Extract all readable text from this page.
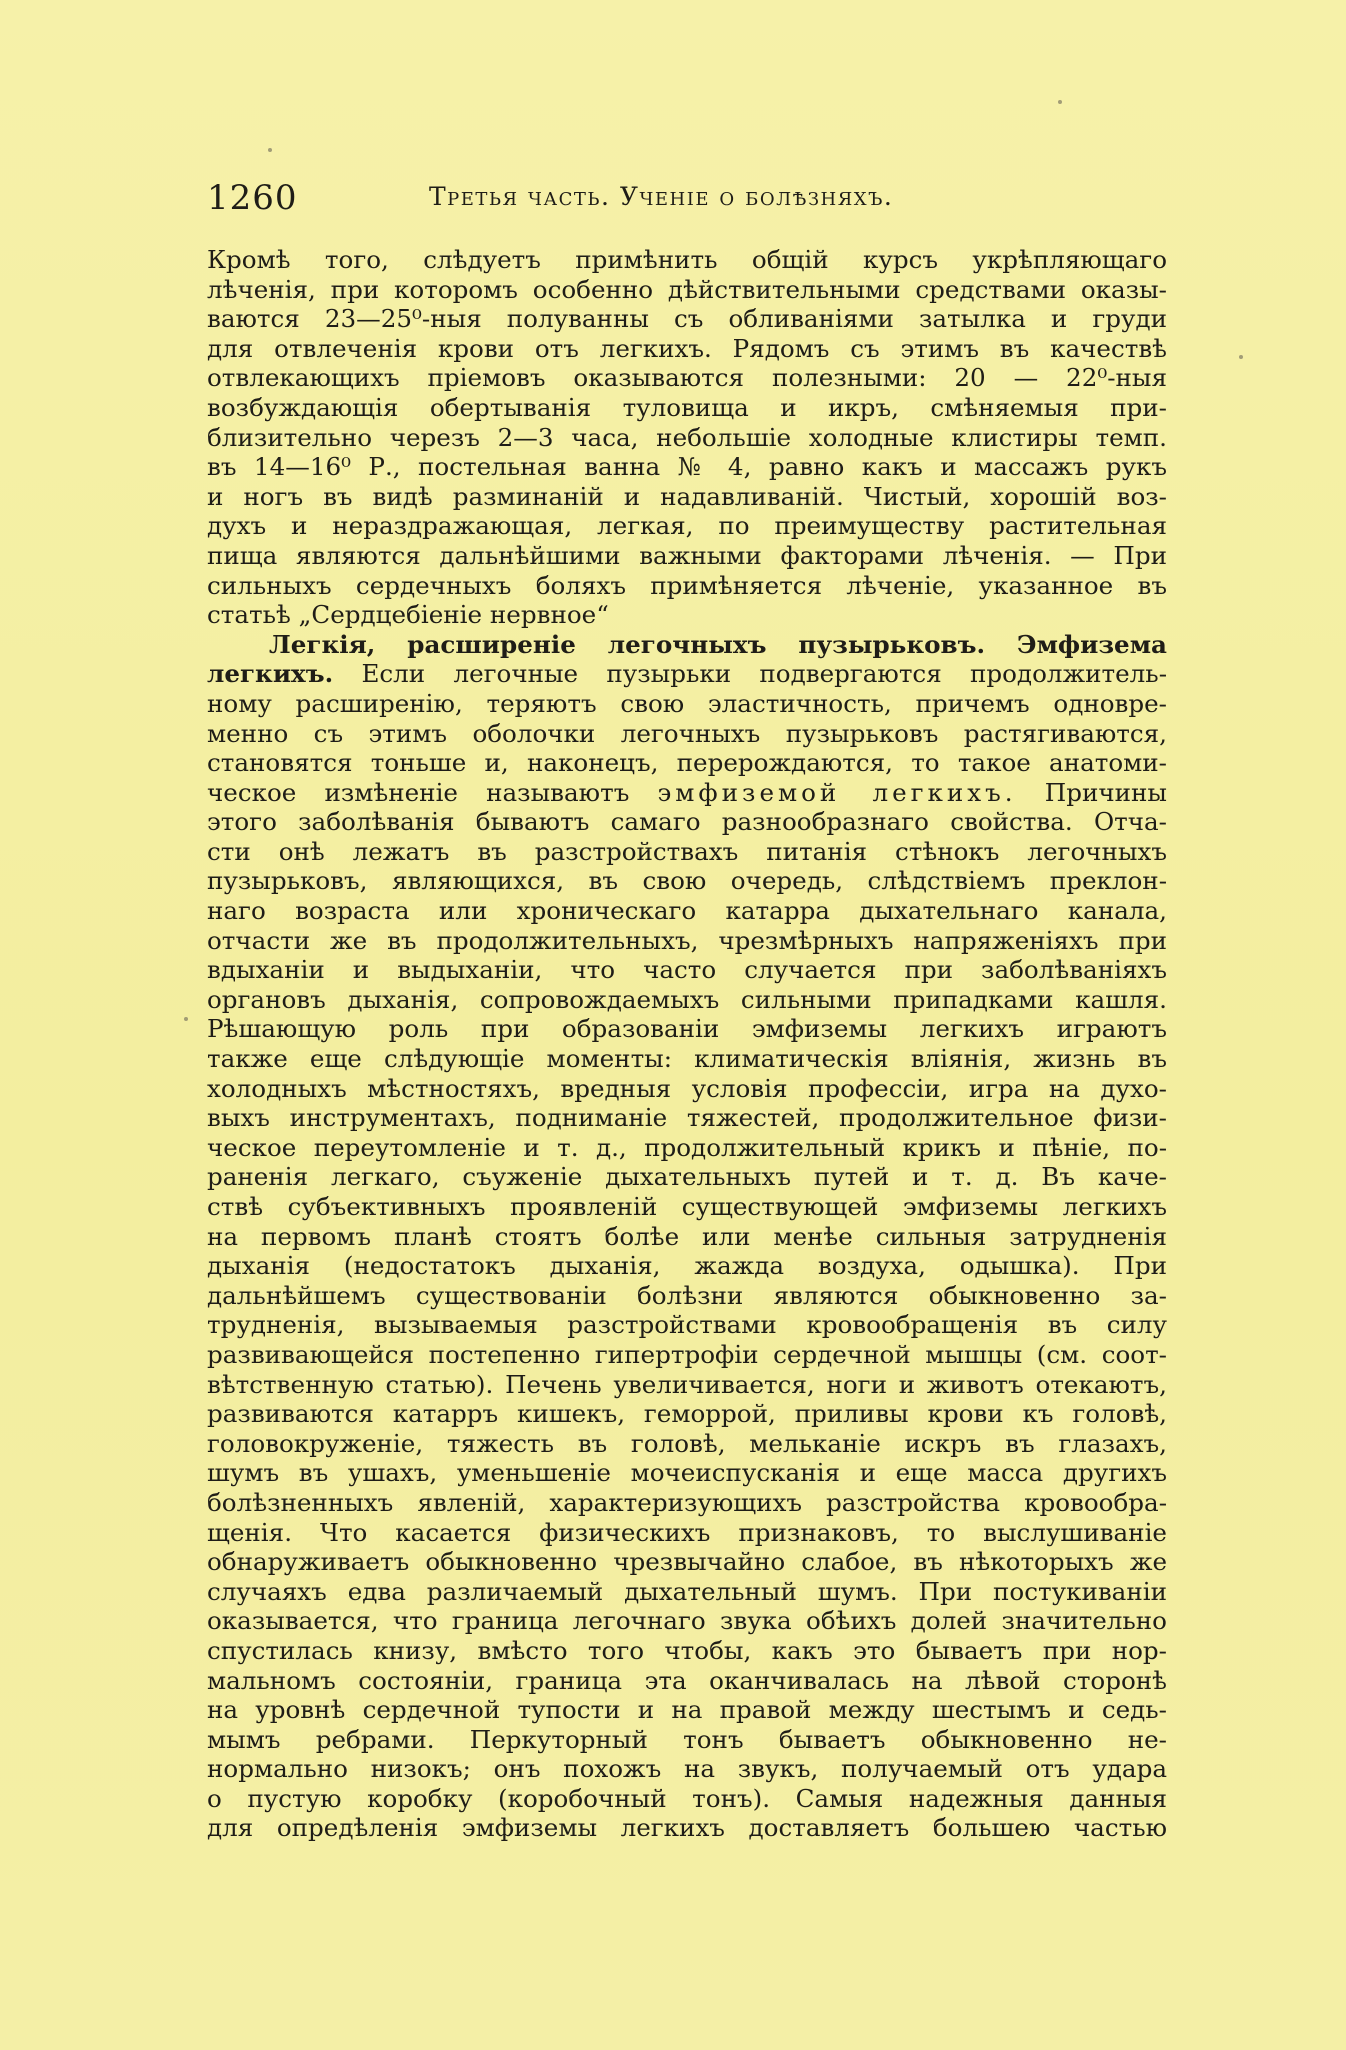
1260	Третья часть. Ученіе о болѣзняхъ.
Кромѣ того, слѣдуетъ примѣнить общій курсъ укрѣпляющаго
лѣченія, при которомъ особенно дѣйствительными средствами оказы-
ваются 23—25⁰-ныя полуванны съ обливаніями затылка и груди
для отвлеченія крови отъ легкихъ. Рядомъ съ этимъ въ качествѣ
отвлекающихъ пріемовъ оказываются полезными: 20 — 22⁰-ныя
возбуждающія обертыванія туловища и икръ, смѣняемыя при-
близительно черезъ 2—3 часа, небольшіе холодные клистиры темп.
въ 14—16⁰ Р., постельная ванна № 4, равно какъ и массажъ рукъ
и ногъ въ видѣ разминаній и надавливаній. Чистый, хорошій воз-
духъ и нераздражающая, легкая, по преимуществу растительная
пища являются дальнѣйшими важными факторами лѣченія. — При
сильныхъ сердечныхъ боляхъ примѣняется лѣченіе, указанное въ
статьѣ „Сердцебіеніе нервное“
Легкія, расширеніе легочныхъ пузырьковъ. Эмфизема
легкихъ. Если легочные пузырьки подвергаются продолжитель-
ному расширенію, теряютъ свою эластичность, причемъ одновре-
менно съ этимъ оболочки легочныхъ пузырьковъ растягиваются,
становятся тоньше и, наконецъ, перерождаются, то такое анатоми-
ческое измѣненіе называютъ эмфиземой легкихъ. Причины
этого заболѣванія бываютъ самаго разнообразнаго свойства. Отча-
сти онѣ лежатъ въ разстройствахъ питанія стѣнокъ легочныхъ
пузырьковъ, являющихся, въ свою очередь, слѣдствіемъ преклон-
наго возраста или хроническаго катарра дыхательнаго канала,
отчасти же въ продолжительныхъ, чрезмѣрныхъ напряженіяхъ при
вдыханіи и выдыханіи, что часто случается при заболѣваніяхъ
органовъ дыханія, сопровождаемыхъ сильными припадками кашля.
Рѣшающую роль при образованіи эмфиземы легкихъ играютъ
также еще слѣдующіе моменты: климатическія вліянія, жизнь въ
холодныхъ мѣстностяхъ, вредныя условія профессіи, игра на духо-
выхъ инструментахъ, подниманіе тяжестей, продолжительное физи-
ческое переутомленіе и т. д., продолжительный крикъ и пѣніе, по-
раненія легкаго, съуженіе дыхательныхъ путей и т. д. Въ каче-
ствѣ субъективныхъ проявленій существующей эмфиземы легкихъ
на первомъ планѣ стоятъ болѣе или менѣе сильныя затрудненія
дыханія (недостатокъ дыханія, жажда воздуха, одышка). При
дальнѣйшемъ существованіи болѣзни являются обыкновенно за-
трудненія, вызываемыя разстройствами кровообращенія въ силу
развивающейся постепенно гипертрофіи сердечной мышцы (см. соот-
вѣтственную статью). Печень увеличивается, ноги и животъ отекаютъ,
развиваются катарръ кишекъ, геморрой, приливы крови къ головѣ,
головокруженіе, тяжесть въ головѣ, мельканіе искръ въ глазахъ,
шумъ въ ушахъ, уменьшеніе мочеиспусканія и еще масса другихъ
болѣзненныхъ явленій, характеризующихъ разстройства кровообра-
щенія. Что касается физическихъ признаковъ, то выслушиваніе
обнаруживаетъ обыкновенно чрезвычайно слабое, въ нѣкоторыхъ же
случаяхъ едва различаемый дыхательный шумъ. При постукиваніи
оказывается, что граница легочнаго звука обѣихъ долей значительно
спустилась книзу, вмѣсто того чтобы, какъ это бываетъ при нор-
мальномъ состояніи, граница эта оканчивалась на лѣвой сторонѣ
на уровнѣ сердечной тупости и на правой между шестымъ и седь-
мымъ ребрами. Перкуторный тонъ бываетъ обыкновенно не-
нормально низокъ; онъ похожъ на звукъ, получаемый отъ удара
о пустую коробку (коробочный тонъ). Самыя надежныя данныя
для опредѣленія эмфиземы легкихъ доставляетъ большею частью
